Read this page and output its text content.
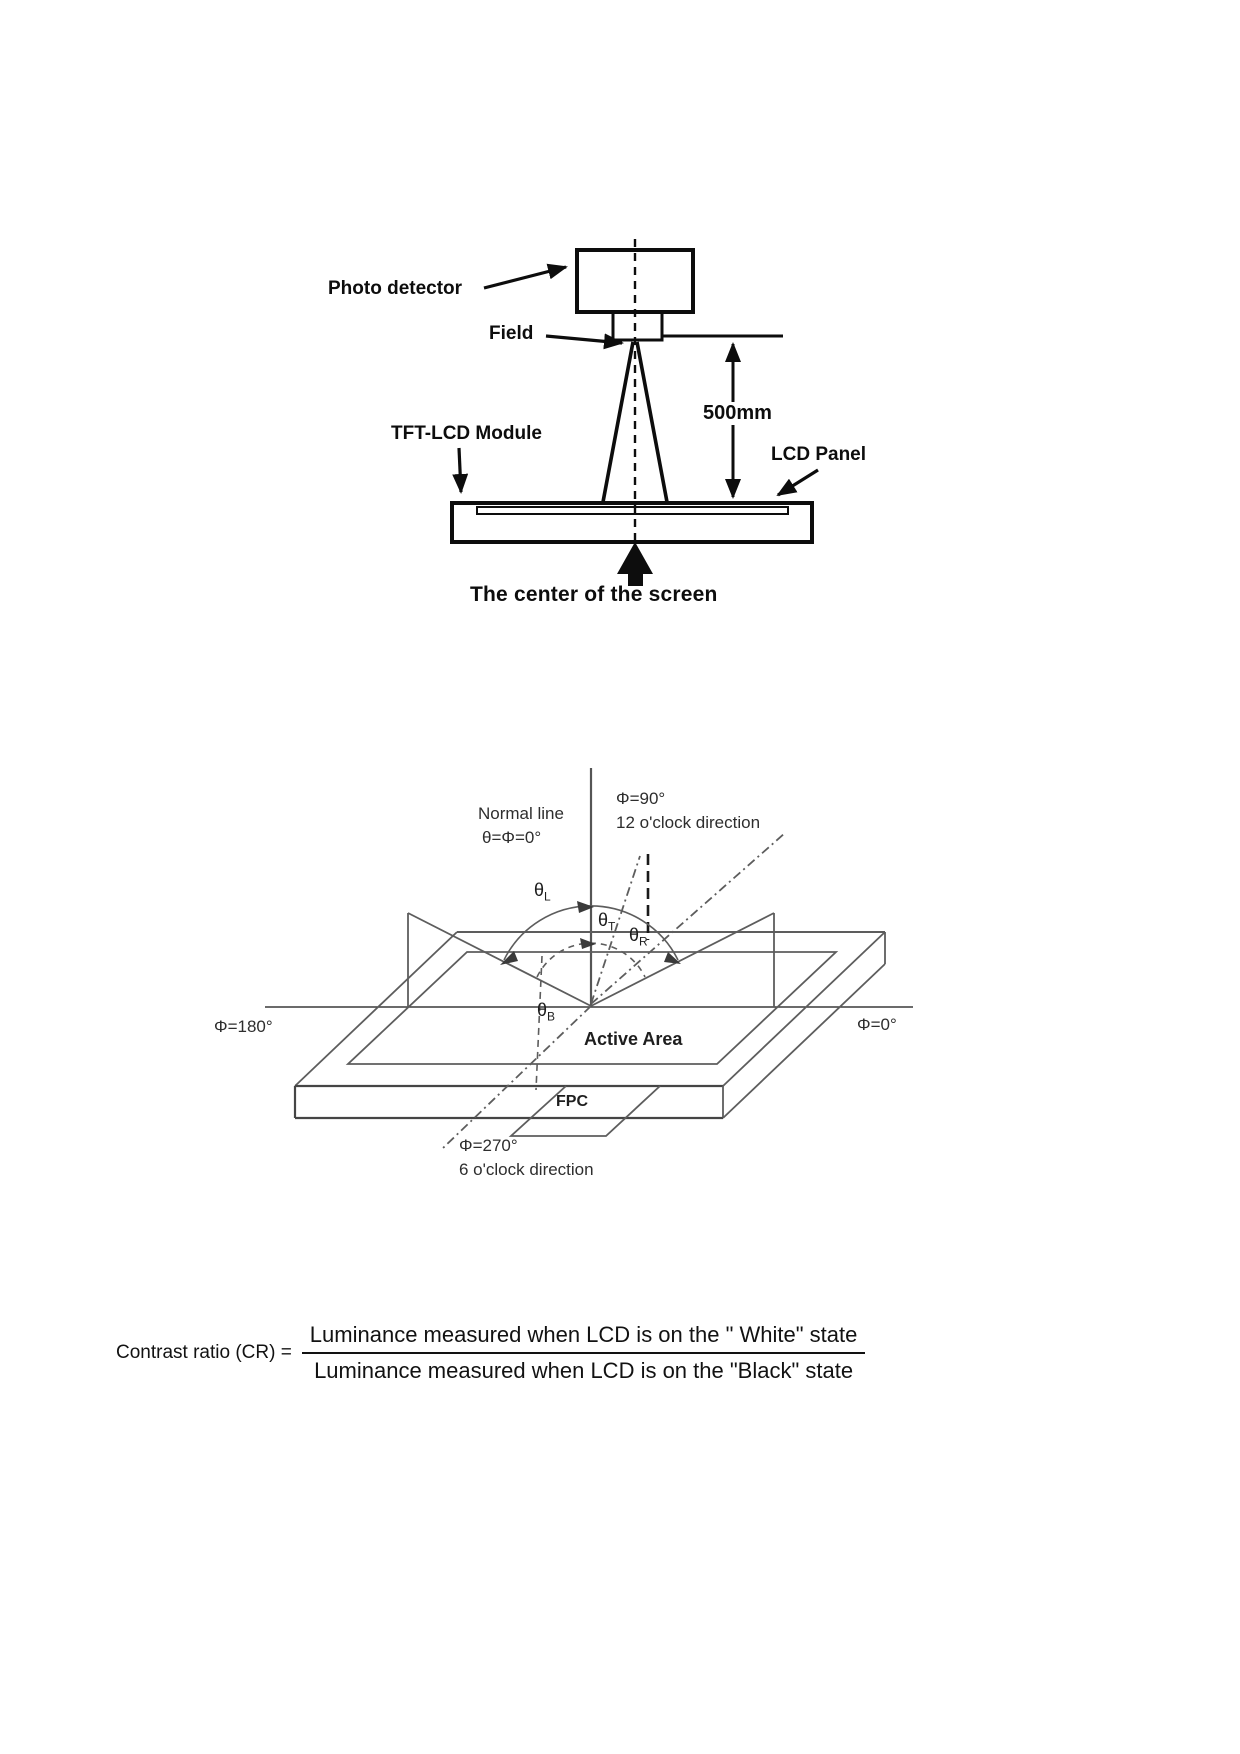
Photo detector
Field
TFT-LCD Module
500mm
LCD Panel
The center of the screen
Normal line
θ=Φ=0°
Φ=90°
12 o'clock direction
Φ=180°	Φ=0°
Φ=270°
6 o'clock direction
Active Area
FPC
$\theta_L$
$\theta_T$ $\theta_R$
$\theta_B$
Contrast ratio $(CR) = \frac{\text{Luminance measured when LCD is on the " White" state}}{\text{Luminance measured when LCD is on the "Black" state}}$
